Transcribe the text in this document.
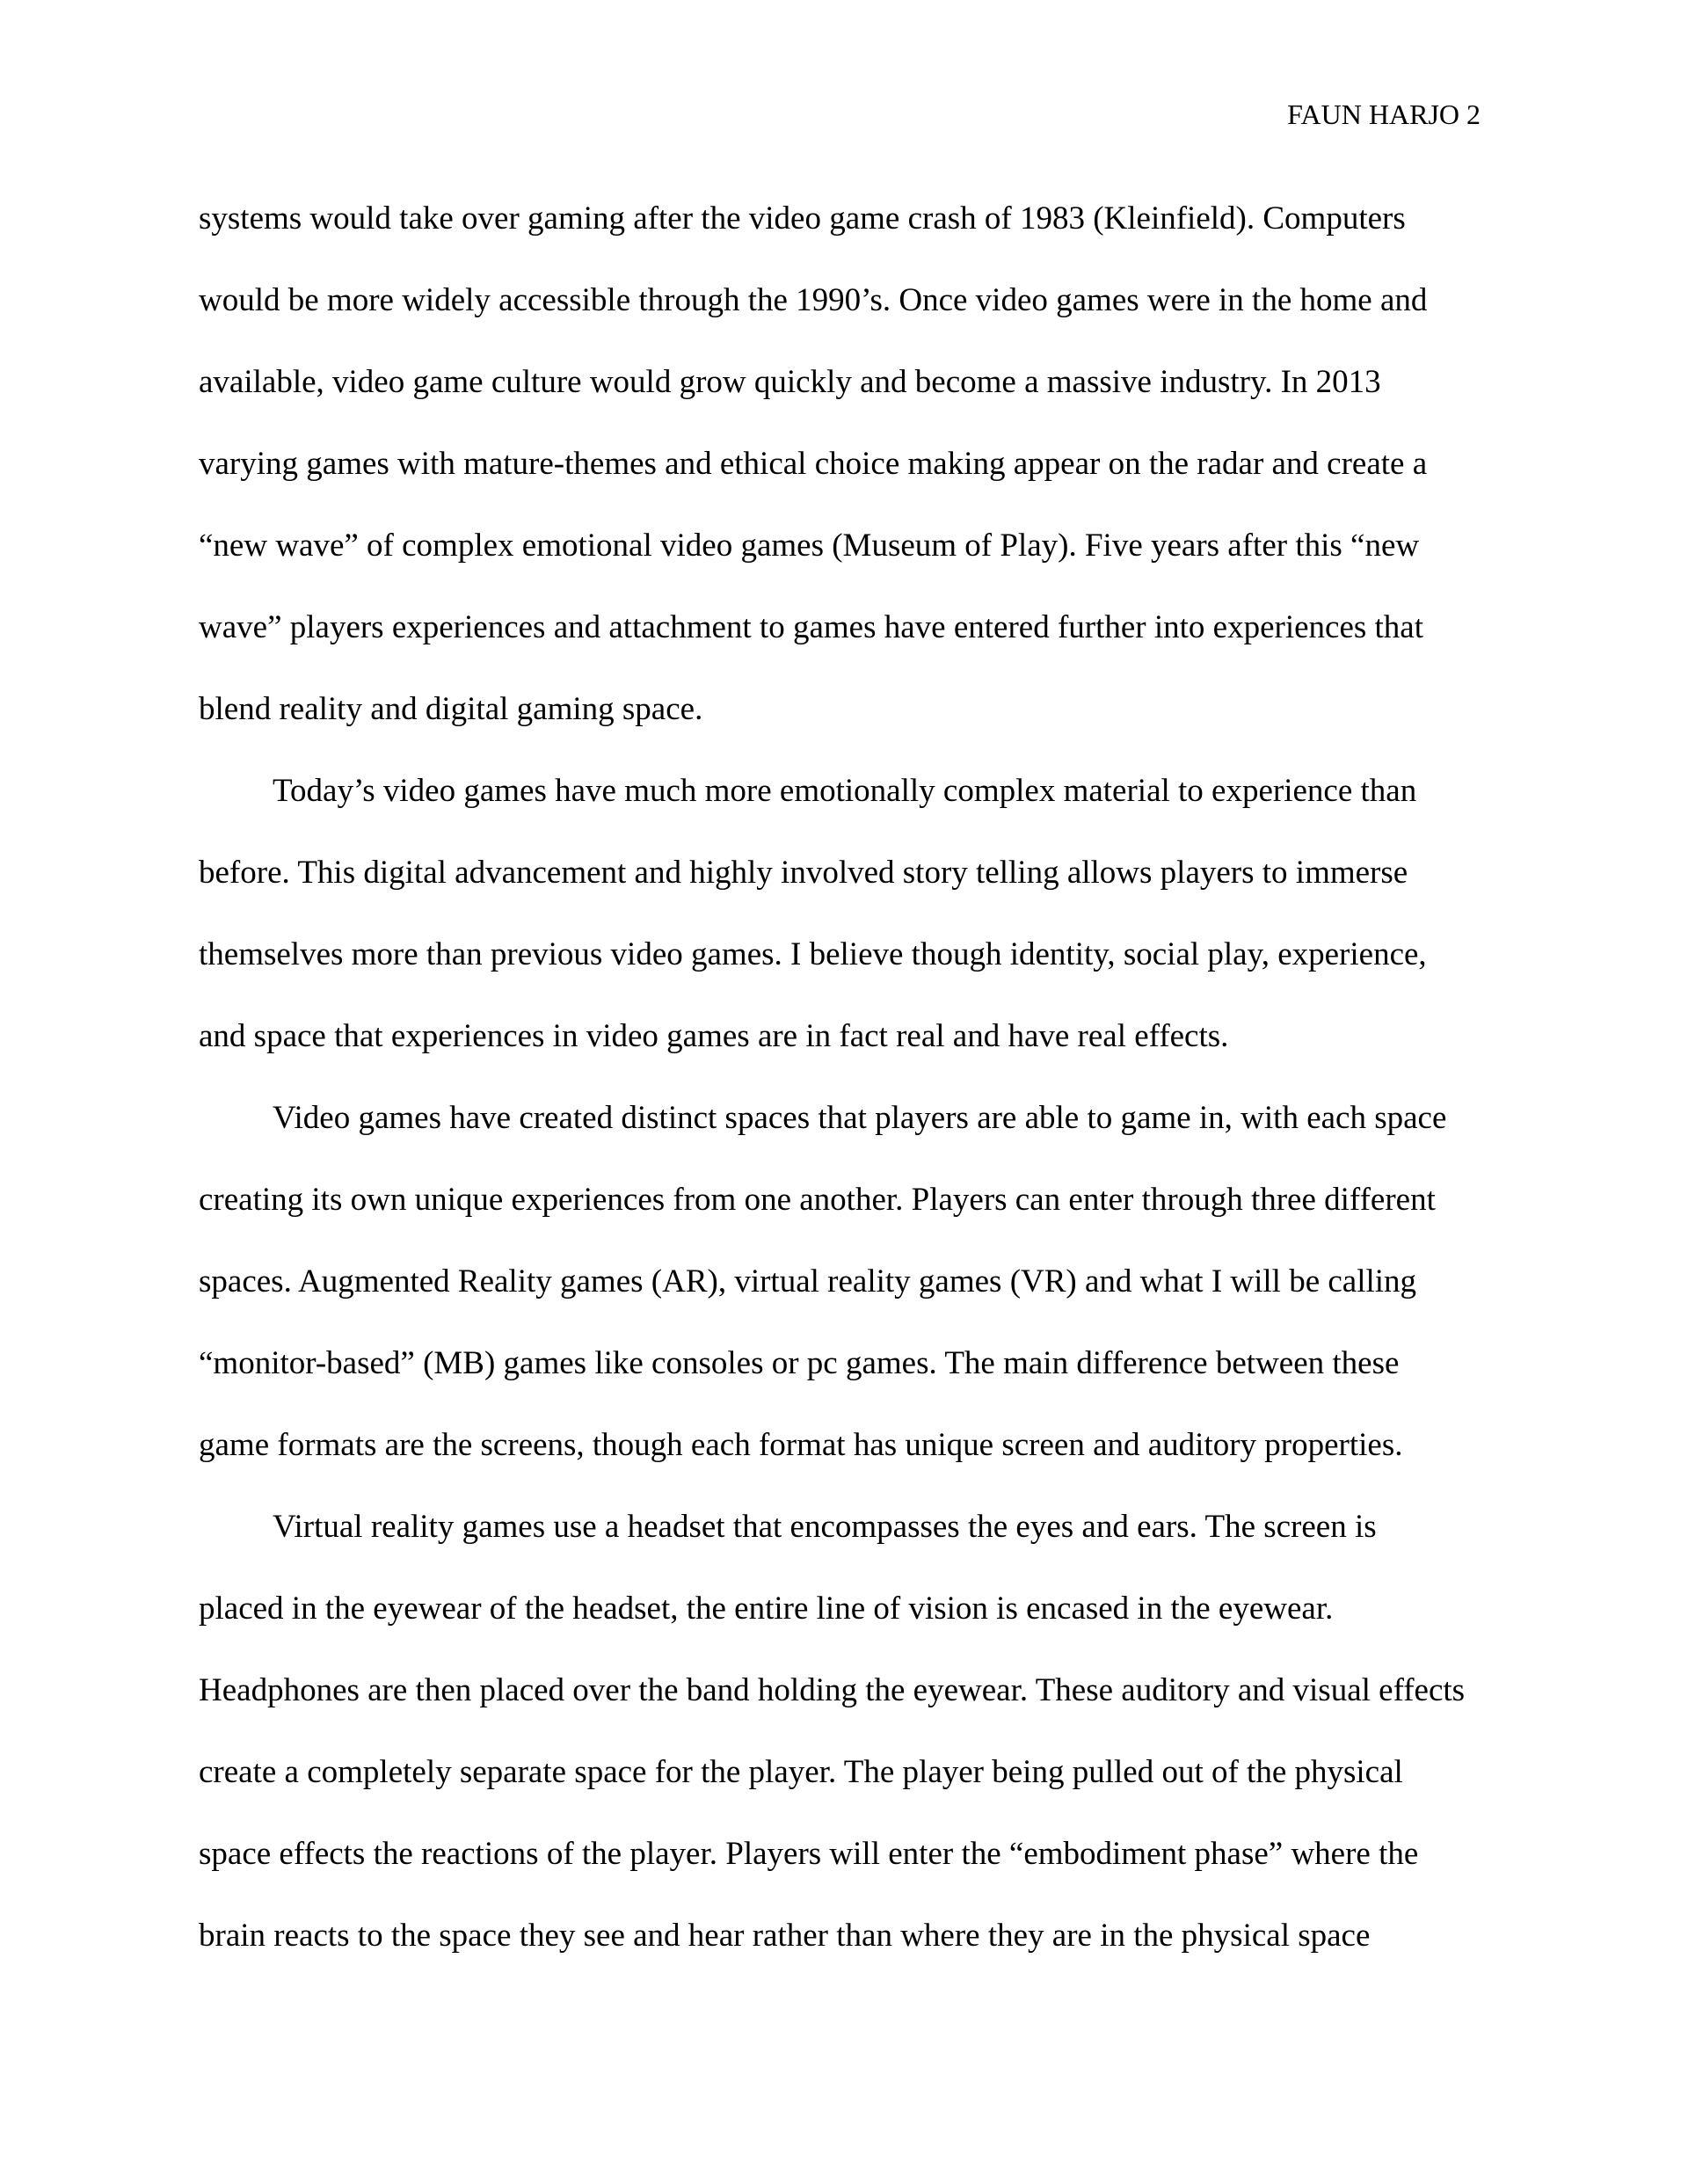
FAUN HARJO 2
systems would take over gaming after the video game crash of 1983 (Kleinfield). Computers
would be more widely accessible through the 1990’s. Once video games were in the home and
available, video game culture would grow quickly and become a massive industry. In 2013
varying games with mature-themes and ethical choice making appear on the radar and create a
“new wave” of complex emotional video games (Museum of Play). Five years after this “new
wave” players experiences and attachment to games have entered further into experiences that
blend reality and digital gaming space.
Today’s video games have much more emotionally complex material to experience than
before. This digital advancement and highly involved story telling allows players to immerse
themselves more than previous video games. I believe though identity, social play, experience,
and space that experiences in video games are in fact real and have real effects.
Video games have created distinct spaces that players are able to game in, with each space
creating its own unique experiences from one another. Players can enter through three different
spaces. Augmented Reality games (AR), virtual reality games (VR) and what I will be calling
“monitor-based” (MB) games like consoles or pc games. The main difference between these
game formats are the screens, though each format has unique screen and auditory properties.
Virtual reality games use a headset that encompasses the eyes and ears. The screen is
placed in the eyewear of the headset, the entire line of vision is encased in the eyewear.
Headphones are then placed over the band holding the eyewear. These auditory and visual effects
create a completely separate space for the player. The player being pulled out of the physical
space effects the reactions of the player. Players will enter the “embodiment phase” where the
brain reacts to the space they see and hear rather than where they are in the physical space
